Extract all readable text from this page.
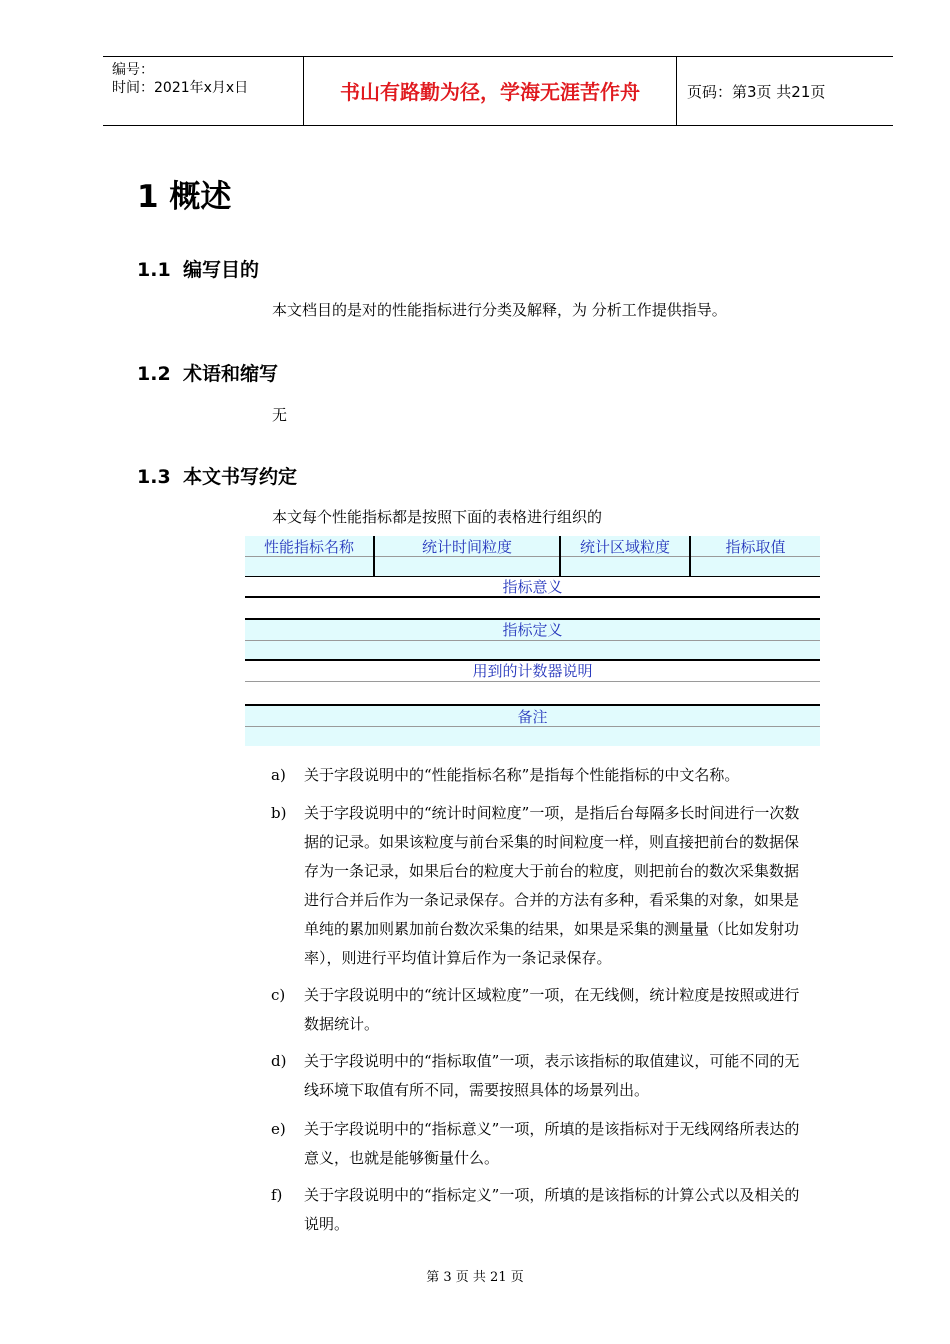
编号：
时间：2021年x月x日	书山有路勤为径，学海无涯苦作舟	页码：第3页 共21页
1 概述
1.1 编写目的
本文档目的是对的性能指标进行分类及解释，为 分析工作提供指导。
1.2 术语和缩写
无
1.3 本文书写约定
本文每个性能指标都是按照下面的表格进行组织的
性能指标名称	统计时间粒度	统计区域粒度	指标取值
指标意义
指标定义
用到的计数器说明
备注
a)	关于字段说明中的“性能指标名称”是指每个性能指标的中文名称。
b)	关于字段说明中的“统计时间粒度”一项，是指后台每隔多长时间进行一次数
据的记录。如果该粒度与前台采集的时间粒度一样，则直接把前台的数据保
存为一条记录，如果后台的粒度大于前台的粒度，则把前台的数次采集数据
进行合并后作为一条记录保存。合并的方法有多种，看采集的对象，如果是
单纯的累加则累加前台数次采集的结果，如果是采集的测量量（比如发射功
率），则进行平均值计算后作为一条记录保存。
c)	关于字段说明中的“统计区域粒度”一项，在无线侧，统计粒度是按照或进行
数据统计。
d)	关于字段说明中的“指标取值”一项，表示该指标的取值建议，可能不同的无
线环境下取值有所不同，需要按照具体的场景列出。
e)	关于字段说明中的“指标意义”一项，所填的是该指标对于无线网络所表达的
意义，也就是能够衡量什么。
f)	关于字段说明中的“指标定义”一项，所填的是该指标的计算公式以及相关的
说明。
第 3 页 共 21 页
